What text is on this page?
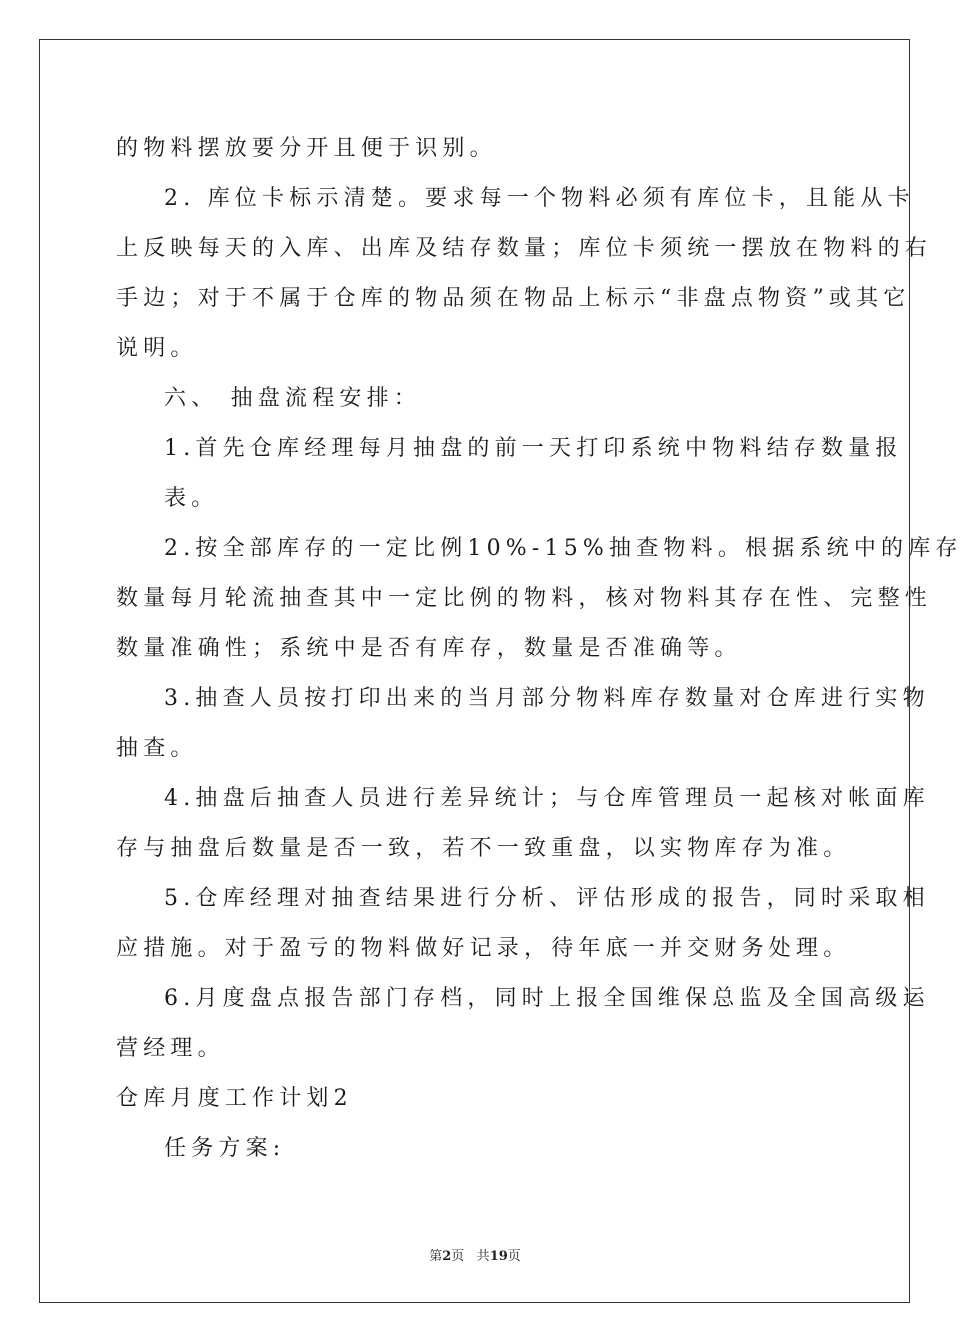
的物料摆放要分开且便于识别。
2. 库位卡标示清楚。要求每一个物料必须有库位卡，且能从卡
上反映每天的入库、出库及结存数量；库位卡须统一摆放在物料的右
手边；对于不属于仓库的物品须在物品上标示“非盘点物资”或其它
说明。
六、 抽盘流程安排：
1.首先仓库经理每月抽盘的前一天打印系统中物料结存数量报
表。
2.按全部库存的一定比例10%-15%抽查物料。根据系统中的库存
数量每月轮流抽查其中一定比例的物料，核对物料其存在性、完整性
数量准确性；系统中是否有库存，数量是否准确等。
3.抽查人员按打印出来的当月部分物料库存数量对仓库进行实物
抽查。
4.抽盘后抽查人员进行差异统计；与仓库管理员一起核对帐面库
存与抽盘后数量是否一致，若不一致重盘，以实物库存为准。
5.仓库经理对抽查结果进行分析、评估形成的报告，同时采取相
应措施。对于盈亏的物料做好记录，待年底一并交财务处理。
6.月度盘点报告部门存档，同时上报全国维保总监及全国高级运
营经理。
仓库月度工作计划2
任务方案:
第2页 共19页
